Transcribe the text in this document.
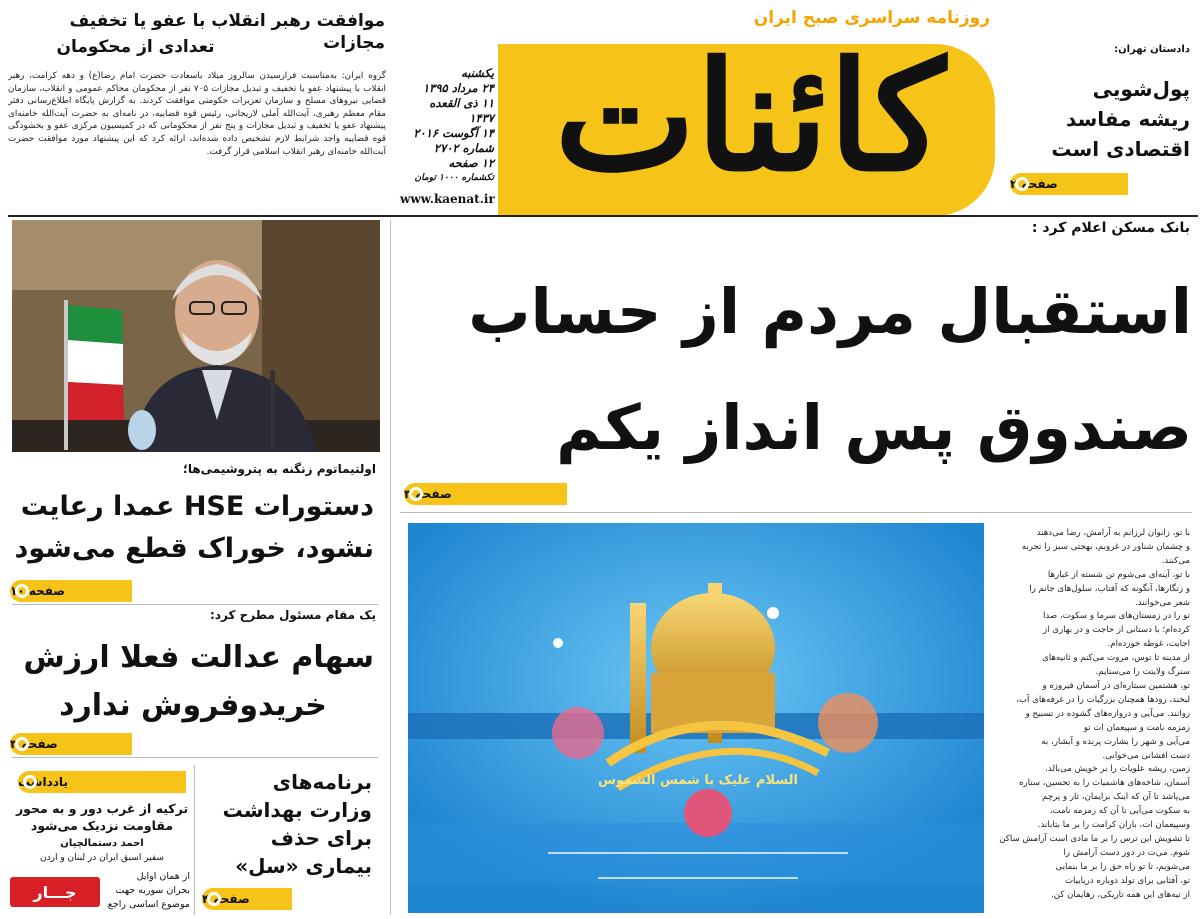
موافقت رهبر انقلاب با عفو یا تخفیف مجازات
تعدادی از محکومان
گروه ایران: به‌مناسبت فرارسیدن سالروز میلاد باسعادت حضرت امام رضا(ع) و دهه کرامت، رهبر انقلاب با پیشنهاد عفو یا تخفیف و تبدیل مجازات ۷۰۵ نفر از محکومان محاکم عمومی و انقلاب، سازمان قضایی نیروهای مسلح و سازمان تعزیرات حکومتی موافقت کردند. به گزارش پایگاه اطلاع‌رسانی دفتر مقام معظم رهبری، آیت‌الله آملی لاریجانی، رئیس قوه قضاییه، در نامه‌ای به حضرت آیت‌الله خامنه‌ای پیشنهاد عفو یا تخفیف و تبدیل مجازات و پنج نفر از محکومانی که در کمیسیون مرکزی عفو و بخشودگی قوه قضاییه واجد شرایط لازم تشخیص داده شده‌اند، ارائه کرد که این پیشنهاد مورد موافقت حضرت آیت‌الله خامنه‌ای رهبر انقلاب اسلامی قرار گرفت.
روزنامه سراسری صبح ایران
کائنات
یکشنبه
۲۴ مرداد ۱۳۹۵
۱۱ ذی القعده ۱۴۳۷
۱۴ آگوست ۲۰۱۶
شماره ۲۷۰۲
۱۲ صفحه
تکشماره ۱۰۰۰ تومان
www.kaenat.ir
دادستان تهران:
پول‌شویی
ریشه مفاسد
اقتصادی است
صفحه ۲
بانک مسکن اعلام کرد :
استقبال مردم از حساب
صندوق پس انداز یکم
صفحه ۳
اولتیماتوم زنگنه به پتروشیمی‌ها؛
دستورات HSE عمدا رعایت
نشود، خوراک قطع می‌شود
صفحه ۱۰
یک مقام مسئول مطرح کرد:
سهام عدالت فعلا ارزش
خریدوفروش ندارد
صفحه ۳
یادداشت
ترکیه از غرب دور و به محور مقاومت نزدیک می‌شود
احمد دستمالچیان
سفیر اسبق ایران در لبنان و اردن
از همان اوایل
بحران سوریه جهت
موضوع اساسی راجع
جـــار
برنامه‌های
وزارت بهداشت
برای حذف
بیماری «سل»
صفحه ۴
السلام علیک یا شمس الشموس
با تو، زانوان لرزانم به آرامش، رضا می‌دهند
و چشمان شناور در غروبم، بهجتی سبز را تجربه
می‌کنند.
با تو، آینه‌ای می‌شوم تن شسته از غبارها
و زنگارها، آنگونه که آفتاب، سلول‌های جانم را
شعر می‌خوانند.
تو را در زمستان‌های سرما و سکوت، صدا
کرده‌ام؛ با دستانی از حاجت و در بهاری از
اجابت، غوطه خورده‌ام.
از مدینه تا توس، مروت می‌کنم و ثانیه‌های
سترگ ولایتت را می‌ستایم.
تو، هشتمین سبتاره‌ای در آسمان فیروزه و
لبخند، رودها همچنان بزرگیات را در غرفه‌های آب،
روانند. می‌آیی و دروازه‌های گشوده در تسبیح و
زمزمه نامت و سپیعمان ات تو
می‌آیی و شهر را بشارت پرنده و آبشار، به
دست افشانی می‌خوانی.
زمین، ریشه علویات را بر خویش می‌بالد.
آسمان، شاخه‌های هاشمیات را به تحسین، ستاره
می‌پاشد تا آن که اینک برایمان، ثار و پرچم
به سکوت می‌آیی تا آن که زمزمه نامت،
وسپیعمان ات، باران کرامت را بر ما بتاباند.
تا تشویش این ترس را بر ما مادی است آرامش ساکن
شوم. می‌ت در دور دست آرامش را
می‌شویم، تا تو راه حق را بر ما بنمایی
تو، آفتابی برای تولد دوباره دریاییات
از تیه‌های این همه تاریکی، رهایمان کن.
